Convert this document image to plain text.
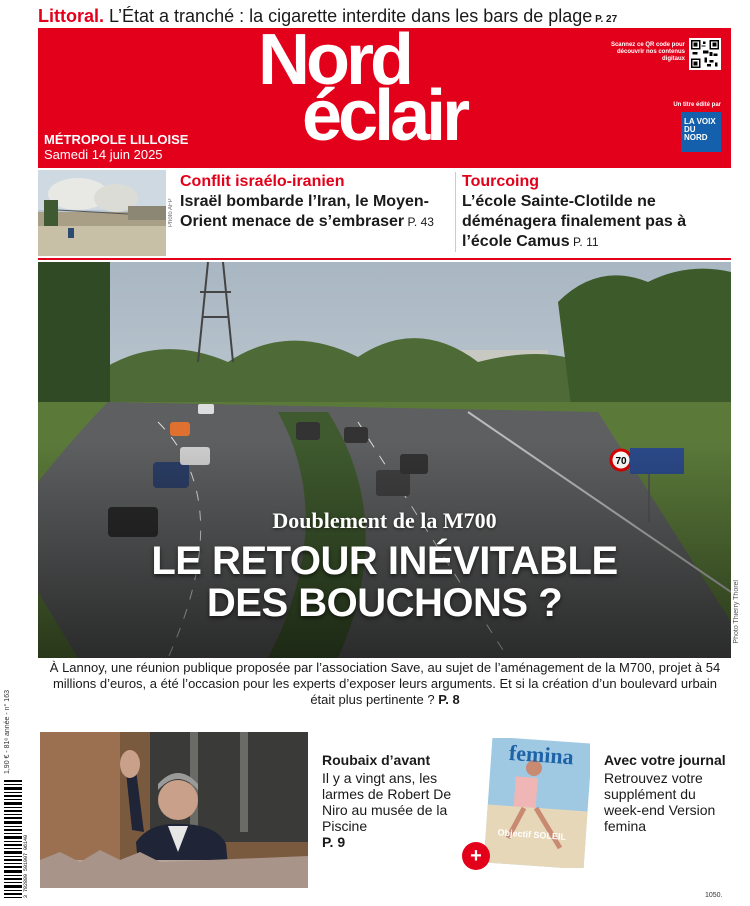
Littoral. L’État a tranché : la cigarette interdite dans les bars de plage P. 27
Nord
éclair
MÉTROPOLE LILLOISE
Samedi 14 juin 2025
Scannez ce QR code pour découvrir nos contenus digitaux
Un titre édité par
LA VOIX DU NORD
Photo AFP
Conflit israélo-iranien
Israël bombarde l’Iran, le Moyen-Orient menace de s’embraser P. 43
Tourcoing
L’école Sainte-Clotilde ne déménagera finalement pas à l’école Camus P. 11
Doublement de la M700
LE RETOUR INÉVITABLE
DES BOUCHONS ?	Photo Thierry Thorel
À Lannoy, une réunion publique proposée par l’association Save, au sujet de l’aménagement de la M700, projet à 54 millions d’euros, a été l’occasion pour les experts d’exposer leurs arguments. Et si la création d’un boulevard urbain était plus pertinente ? P. 8
1,90 € - 81ᵉ année - n° 163
3 782889 501907 06140
Roubaix d’avant
Il y a vingt ans, les larmes de Robert De Niro au musée de la Piscine
P. 9
femina
Objectif SOLEIL
+
Avec votre journal
Retrouvez votre supplément du week-end Version femina
1050.
